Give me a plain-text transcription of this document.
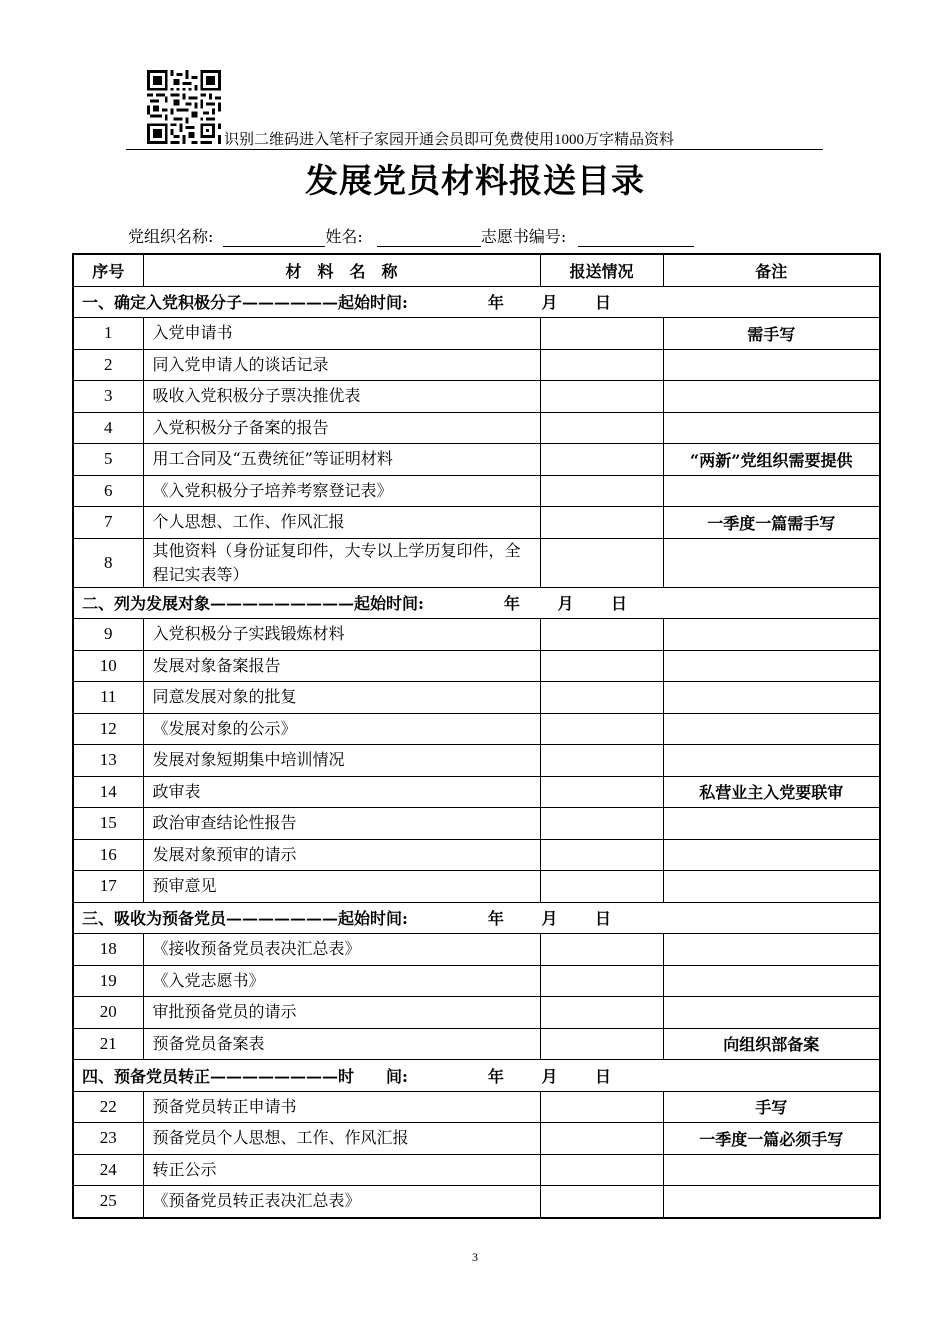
识别二维码进入笔杆子家园开通会员即可免费使用1000万字精品资料
发展党员材料报送目录
党组织名称:	姓名:	志愿书编号:
序号	材　料　名　称	报送情况	备注
一、确定入党积极分子——————起始时间:　　　　　年　　 月　　 日			
1	入党申请书		需手写
2	同入党申请人的谈话记录		
3	吸收入党积极分子票决推优表		
4	入党积极分子备案的报告		
5	用工合同及“五费统征”等证明材料		“两新”党组织需要提供
6	《入党积极分子培养考察登记表》		
7	个人思想、工作、作风汇报		一季度一篇需手写
8	其他资料（身份证复印件，大专以上学历复印件，全程记实表等）		
二、列为发展对象—————————起始时间:　　　　　年　　 月　　 日			
9	入党积极分子实践锻炼材料		
10	发展对象备案报告		
11	同意发展对象的批复		
12	《发展对象的公示》		
13	发展对象短期集中培训情况		
14	政审表		私营业主入党要联审
15	政治审查结论性报告		
16	发展对象预审的请示		
17	预审意见		
三、吸收为预备党员———————起始时间:　　　　　年　　 月　　 日			
18	《接收预备党员表决汇总表》		
19	《入党志愿书》		
20	审批预备党员的请示		
21	预备党员备案表		向组织部备案
四、预备党员转正————————时　　间:　　　　　年　　 月　　 日			
22	预备党员转正申请书		手写
23	预备党员个人思想、工作、作风汇报		一季度一篇必须手写
24	转正公示		
25	《预备党员转正表决汇总表》		
3
